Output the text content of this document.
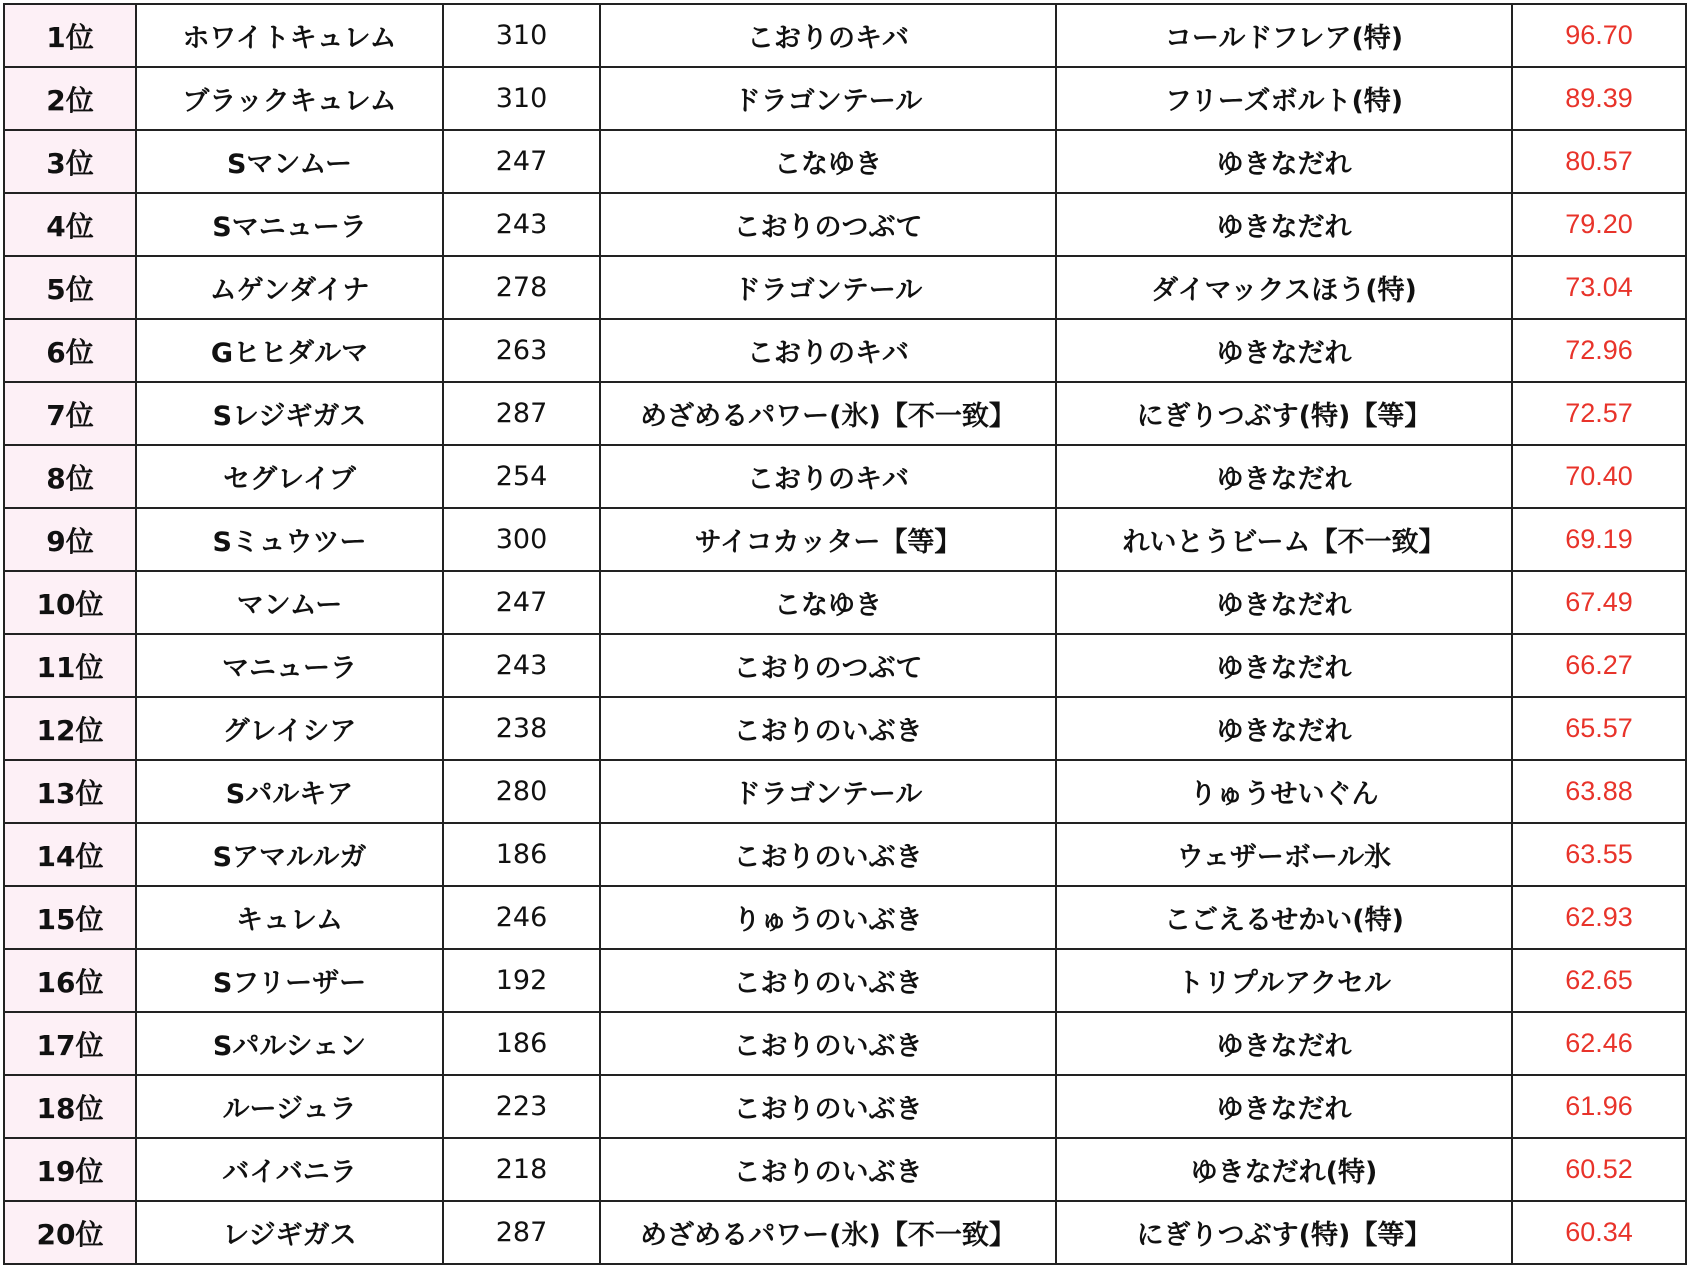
1位	ホワイトキュレム	310	こおりのキバ	コールドフレア(特)	96.70
2位	ブラックキュレム	310	ドラゴンテール	フリーズボルト(特)	89.39
3位	Sマンムー	247	こなゆき	ゆきなだれ	80.57
4位	Sマニューラ	243	こおりのつぶて	ゆきなだれ	79.20
5位	ムゲンダイナ	278	ドラゴンテール	ダイマックスほう(特)	73.04
6位	Gヒヒダルマ	263	こおりのキバ	ゆきなだれ	72.96
7位	Sレジギガス	287	めざめるパワー(氷)【不一致】	にぎりつぶす(特)【等】	72.57
8位	セグレイブ	254	こおりのキバ	ゆきなだれ	70.40
9位	Sミュウツー	300	サイコカッター【等】	れいとうビーム【不一致】	69.19
10位	マンムー	247	こなゆき	ゆきなだれ	67.49
11位	マニューラ	243	こおりのつぶて	ゆきなだれ	66.27
12位	グレイシア	238	こおりのいぶき	ゆきなだれ	65.57
13位	Sパルキア	280	ドラゴンテール	りゅうせいぐん	63.88
14位	Sアマルルガ	186	こおりのいぶき	ウェザーボール氷	63.55
15位	キュレム	246	りゅうのいぶき	こごえるせかい(特)	62.93
16位	Sフリーザー	192	こおりのいぶき	トリプルアクセル	62.65
17位	Sパルシェン	186	こおりのいぶき	ゆきなだれ	62.46
18位	ルージュラ	223	こおりのいぶき	ゆきなだれ	61.96
19位	バイバニラ	218	こおりのいぶき	ゆきなだれ(特)	60.52
20位	レジギガス	287	めざめるパワー(氷)【不一致】	にぎりつぶす(特)【等】	60.34
